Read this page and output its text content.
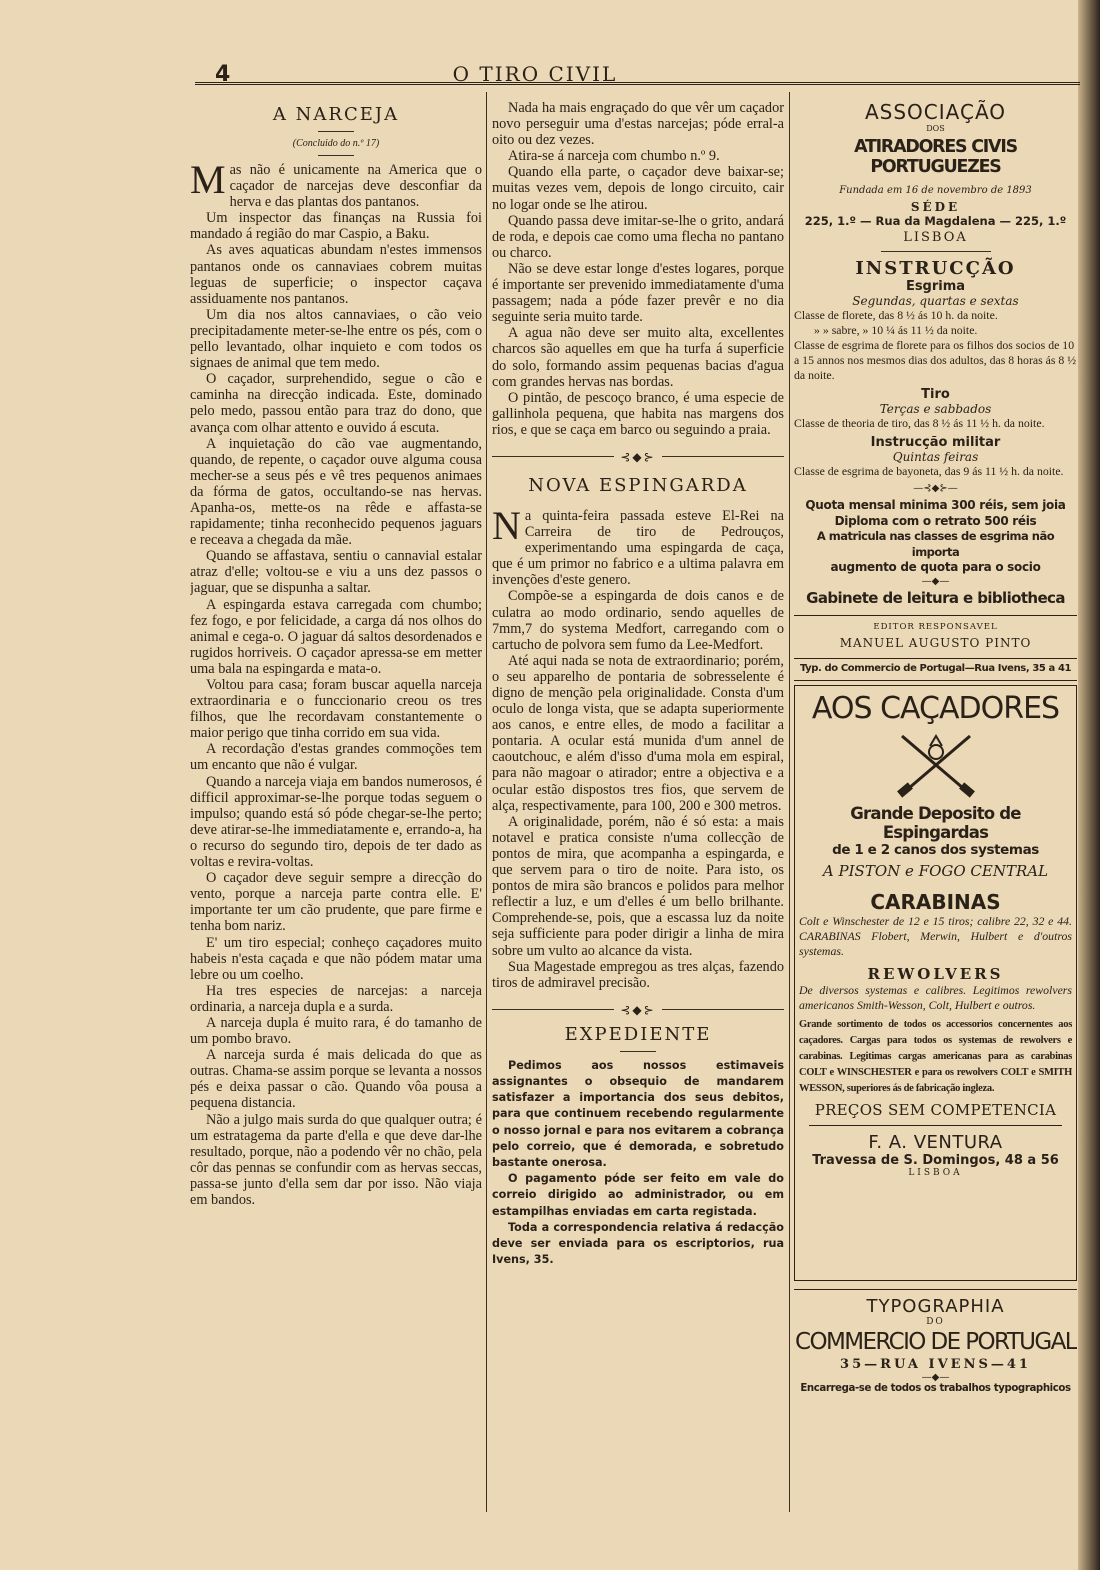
4	O TIRO CIVIL
A NARCEJA
(Concluido do n.º 17)

Mas não é unicamente na America que o caçador de narcejas deve desconfiar da herva e das plantas dos pantanos.

Um inspector das finanças na Russia foi mandado á região do mar Caspio, a Baku.

As aves aquaticas abundam n'estes immensos pantanos onde os cannaviaes cobrem muitas leguas de superficie; o inspector caçava assiduamente nos pantanos.

Um dia nos altos cannaviaes, o cão veio precipitadamente meter-se-lhe entre os pés, com o pello levantado, olhar inquieto e com todos os signaes de animal que tem medo.

O caçador, surprehendido, segue o cão e caminha na direcção indicada. Este, dominado pelo medo, passou então para traz do dono, que avança com olhar attento e ouvido á escuta.

A inquietação do cão vae augmentando, quando, de repente, o caçador ouve alguma cousa mecher-se a seus pés e vê tres pequenos animaes da fórma de gatos, occultando-se nas hervas. Apanha-os, mette-os na rêde e affasta-se rapidamente; tinha reconhecido pequenos jaguars e receava a chegada da mãe.

Quando se affastava, sentiu o cannavial estalar atraz d'elle; voltou-se e viu a uns dez passos o jaguar, que se dispunha a saltar.

A espingarda estava carregada com chumbo; fez fogo, e por felicidade, a carga dá nos olhos do animal e cega-o. O jaguar dá saltos desordenados e rugidos horriveis. O caçador apressa-se em metter uma bala na espingarda e mata-o.

Voltou para casa; foram buscar aquella narceja extraordinaria e o funccionario creou os tres filhos, que lhe recordavam constantemente o maior perigo que tinha corrido em sua vida.

A recordação d'estas grandes commoções tem um encanto que não é vulgar.

Quando a narceja viaja em bandos numerosos, é difficil approximar-se-lhe porque todas seguem o impulso; quando está só póde chegar-se-lhe perto; deve atirar-se-lhe immediatamente e, errando-a, ha o recurso do segundo tiro, depois de ter dado as voltas e revira-voltas.

O caçador deve seguir sempre a direcção do vento, porque a narceja parte contra elle. E' importante ter um cão prudente, que pare firme e tenha bom nariz.

E' um tiro especial; conheço caçadores muito habeis n'esta caçada e que não pódem matar uma lebre ou um coelho.

Ha tres especies de narcejas: a narceja ordinaria, a narceja dupla e a surda.

A narceja dupla é muito rara, é do tamanho de um pombo bravo.

A narceja surda é mais delicada do que as outras. Chama-se assim porque se levanta a nossos pés e deixa passar o cão. Quando vôa pousa a pequena distancia.

Não a julgo mais surda do que qualquer outra; é um estratagema da parte d'ella e que deve dar-lhe resultado, porque, não a podendo vêr no chão, pela côr das pennas se confundir com as hervas seccas, passa-se junto d'ella sem dar por isso. Não viaja em bandos.

Nada ha mais engraçado do que vêr um caçador novo perseguir uma d'estas narcejas; póde erral-a oito ou dez vezes.

Atira-se á narceja com chumbo n.º 9.

Quando ella parte, o caçador deve baixar-se; muitas vezes vem, depois de longo circuito, cair no logar onde se lhe atirou.

Quando passa deve imitar-se-lhe o grito, andará de roda, e depois cae como uma flecha no pantano ou charco.

Não se deve estar longe d'estes logares, porque é importante ser prevenido immediatamente d'uma passagem; nada a póde fazer prevêr e no dia seguinte seria muito tarde.

A agua não deve ser muito alta, excellentes charcos são aquelles em que ha turfa á superficie do solo, formando assim pequenas bacias d'agua com grandes hervas nas bordas.

O pintão, de pescoço branco, é uma especie de gallinhola pequena, que habita nas margens dos rios, e que se caça em barco ou seguindo a praia.

⊰◆⊱
NOVA ESPINGARDA

Na quinta-feira passada esteve El-Rei na Carreira de tiro de Pedrouços, experimentando uma espingarda de caça, que é um primor no fabrico e a ultima palavra em invenções d'este genero.

Compõe-se a espingarda de dois canos e de culatra ao modo ordinario, sendo aquelles de 7mm,7 do systema Medfort, carregando com o cartucho de polvora sem fumo da Lee-Medfort.

Até aqui nada se nota de extraordinario; porém, o seu apparelho de pontaria de sobresselente é digno de menção pela originalidade. Consta d'um oculo de longa vista, que se adapta superiormente aos canos, e entre elles, de modo a facilitar a pontaria. A ocular está munida d'um annel de caoutchouc, e além d'isso d'uma mola em espiral, para não magoar o atirador; entre a objectiva e a ocular estão dispostos tres fios, que servem de alça, respectivamente, para 100, 200 e 300 metros.

A originalidade, porém, não é só esta: a mais notavel e pratica consiste n'uma collecção de pontos de mira, que acompanha a espingarda, e que servem para o tiro de noite. Para isto, os pontos de mira são brancos e polidos para melhor reflectir a luz, e um d'elles é um bello brilhante. Comprehende-se, pois, que a escassa luz da noite seja sufficiente para poder dirigir a linha de mira sobre um vulto ao alcance da vista.

Sua Magestade empregou as tres alças, fazendo tiros de admiravel precisão.

⊰◆⊱
EXPEDIENTE

Pedimos aos nossos estimaveis assignantes o obsequio de mandarem satisfazer a importancia dos seus debitos, para que continuem recebendo regularmente o nosso jornal e para nos evitarem a cobrança pelo correio, que é demorada, e sobretudo bastante onerosa.

O pagamento póde ser feito em vale do correio dirigido ao administrador, ou em estampilhas enviadas em carta registada.

Toda a correspondencia relativa á redacção deve ser enviada para os escriptorios, rua Ivens, 35.

ASSOCIAÇÃO
DOS
ATIRADORES CIVIS PORTUGUEZES
Fundada em 16 de novembro de 1893
SÉDE
225, 1.º — Rua da Magdalena — 225, 1.º
LISBOA
INSTRUCÇÃO
Esgrima
Segundas, quartas e sextas

Classe de florete, das 8 ½ ás 10 h. da noite.

» » sabre, » 10 ¼ ás 11 ½ da noite.

Classe de esgrima de florete para os filhos dos socios de 10 a 15 annos nos mesmos dias dos adultos, das 8 horas ás 8 ½ da noite.

Tiro
Terças e sabbados

Classe de theoria de tiro, das 8 ½ ás 11 ½ h. da noite.

Instrucção militar
Quintas feiras

Classe de esgrima de bayoneta, das 9 ás 11 ½ h. da noite.

—⊰◆⊱—
Quota mensal minima 300 réis, sem joia
Diploma com o retrato 500 réis
A matricula nas classes de esgrima não importa
augmento de quota para o socio
—◆—
Gabinete de leitura e bibliotheca
EDITOR RESPONSAVEL
MANUEL AUGUSTO PINTO
Typ. do Commercio de Portugal—Rua Ivens, 35 a 41
AOS CAÇADORES
Grande Deposito de Espingardas
de 1 e 2 canos dos systemas
A PISTON e FOGO CENTRAL
CARABINAS

Colt e Winschester de 12 e 15 tiros; calibre 22, 32 e 44. CARABINAS Flobert, Merwin, Hulbert e d'outros systemas.

REWOLVERS

De diversos systemas e calibres. Legitimos rewolvers americanos Smith-Wesson, Colt, Hulbert e outros.

Grande sortimento de todos os accessorios concernentes aos caçadores. Cargas para todos os systemas de rewolvers e carabinas. Legitimas cargas americanas para as carabinas COLT e WINSCHESTER e para os rewolvers COLT e SMITH WESSON, superiores ás de fabricação ingleza.

PREÇOS SEM COMPETENCIA
F. A. VENTURA
Travessa de S. Domingos, 48 a 56
LISBOA
TYPOGRAPHIA
DO
COMMERCIO DE PORTUGAL
35—RUA IVENS—41
—◆—
Encarrega-se de todos os trabalhos typographicos
